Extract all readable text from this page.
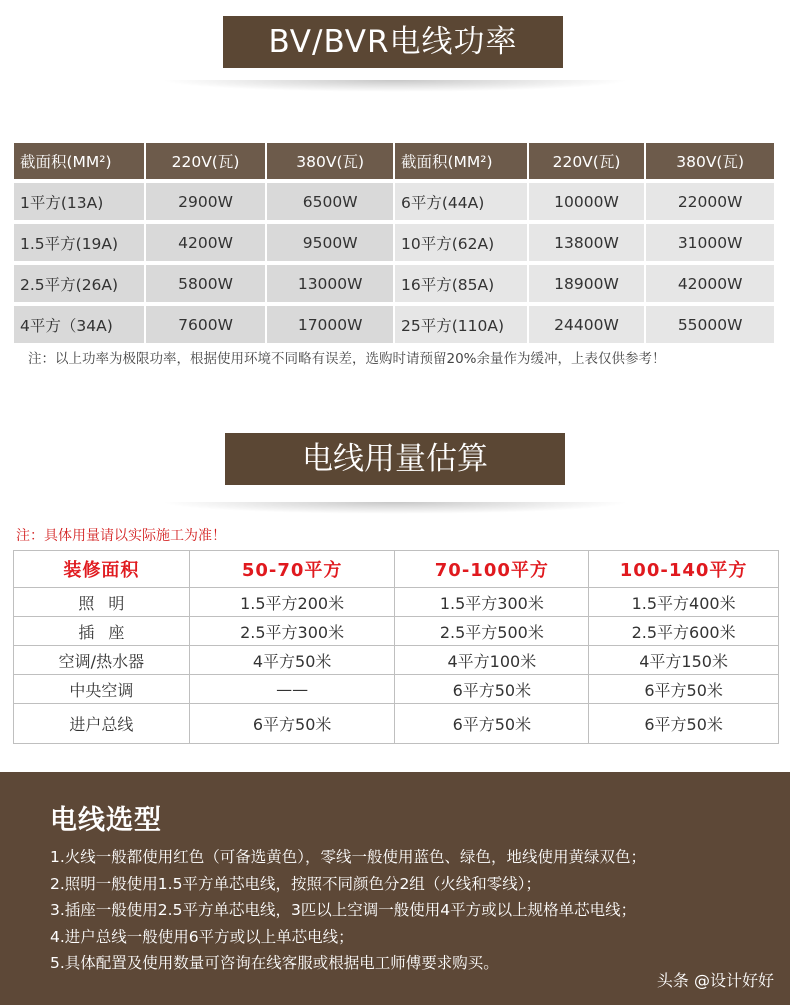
BV/BVR电线功率
截面积(MM²)	220V(瓦)	380V(瓦)	截面积(MM²)	220V(瓦)	380V(瓦)
1平方(13A)	2900W	6500W	6平方(44A)	10000W	22000W
1.5平方(19A)	4200W	9500W	10平方(62A)	13800W	31000W
2.5平方(26A)	5800W	13000W	16平方(85A)	18900W	42000W
4平方（34A)	7600W	17000W	25平方(110A)	24400W	55000W
注：以上功率为极限功率，根据使用环境不同略有误差，选购时请预留20%余量作为缓冲，上表仅供参考！
电线用量估算
注：具体用量请以实际施工为准！
装修面积	50-70平方	70-100平方	100-140平方
照明	1.5平方200米	1.5平方300米	1.5平方400米
插座	2.5平方300米	2.5平方500米	2.5平方600米
空调/热水器	4平方50米	4平方100米	4平方150米
中央空调	——	6平方50米	6平方50米
进户总线	6平方50米	6平方50米	6平方50米
电线选型
1.火线一般都使用红色（可备选黄色），零线一般使用蓝色、绿色，地线使用黄绿双色；
2.照明一般使用1.5平方单芯电线，按照不同颜色分2组（火线和零线）；
3.插座一般使用2.5平方单芯电线，3匹以上空调一般使用4平方或以上规格单芯电线；
4.进户总线一般使用6平方或以上单芯电线；
5.具体配置及使用数量可咨询在线客服或根据电工师傅要求购买。
头条 @设计好好
